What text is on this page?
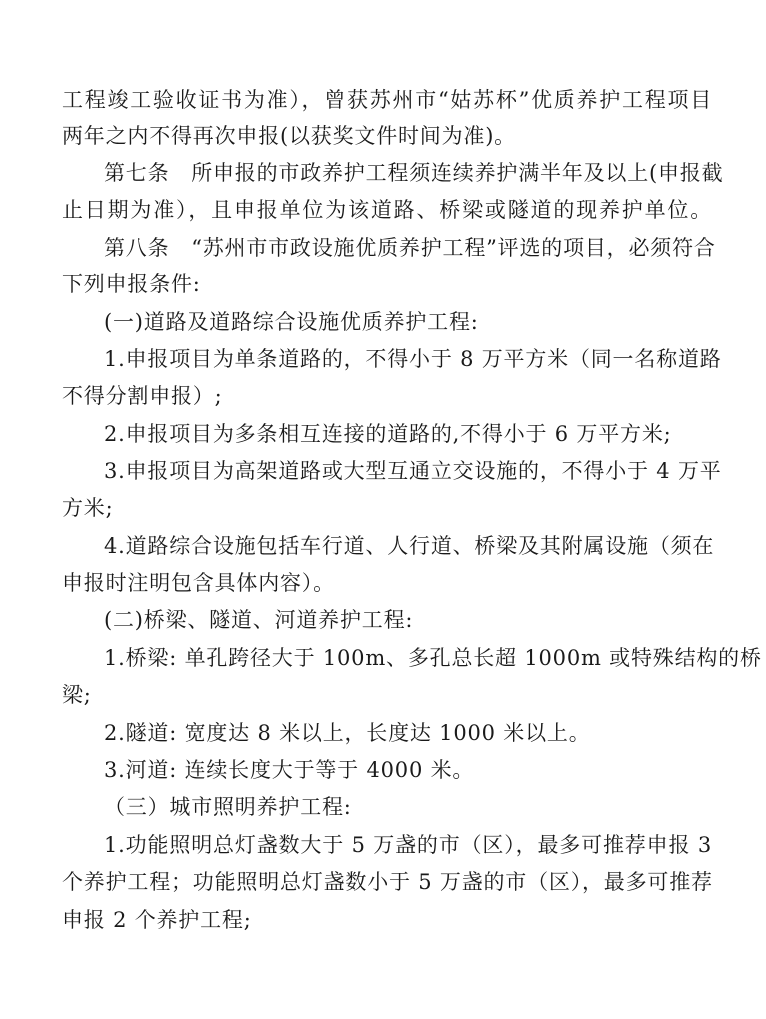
工程竣工验收证书为准），曾获苏州市“姑苏杯”优质养护工程项目

两年之内不得再次申报(以获奖文件时间为准)。

第七条　所申报的市政养护工程须连续养护满半年及以上(申报截

止日期为准），且申报单位为该道路、桥梁或隧道的现养护单位。

第八条　“苏州市市政设施优质养护工程”评选的项目，必须符合

下列申报条件:

(一)道路及道路综合设施优质养护工程:

1.申报项目为单条道路的，不得小于 8 万平方米（同一名称道路

不得分割申报）;

2.申报项目为多条相互连接的道路的,不得小于 6 万平方米;

3.申报项目为高架道路或大型互通立交设施的，不得小于 4 万平

方米;

4.道路综合设施包括车行道、人行道、桥梁及其附属设施（须在

申报时注明包含具体内容）。

(二)桥梁、隧道、河道养护工程:

1.桥梁: 单孔跨径大于 100m、多孔总长超 1000m 或特殊结构的桥

梁;

2.隧道: 宽度达 8 米以上，长度达 1000 米以上。

3.河道: 连续长度大于等于 4000 米。

（三）城市照明养护工程:

1.功能照明总灯盏数大于 5 万盏的市（区），最多可推荐申报 3

个养护工程；功能照明总灯盏数小于 5 万盏的市（区），最多可推荐

申报 2 个养护工程;
